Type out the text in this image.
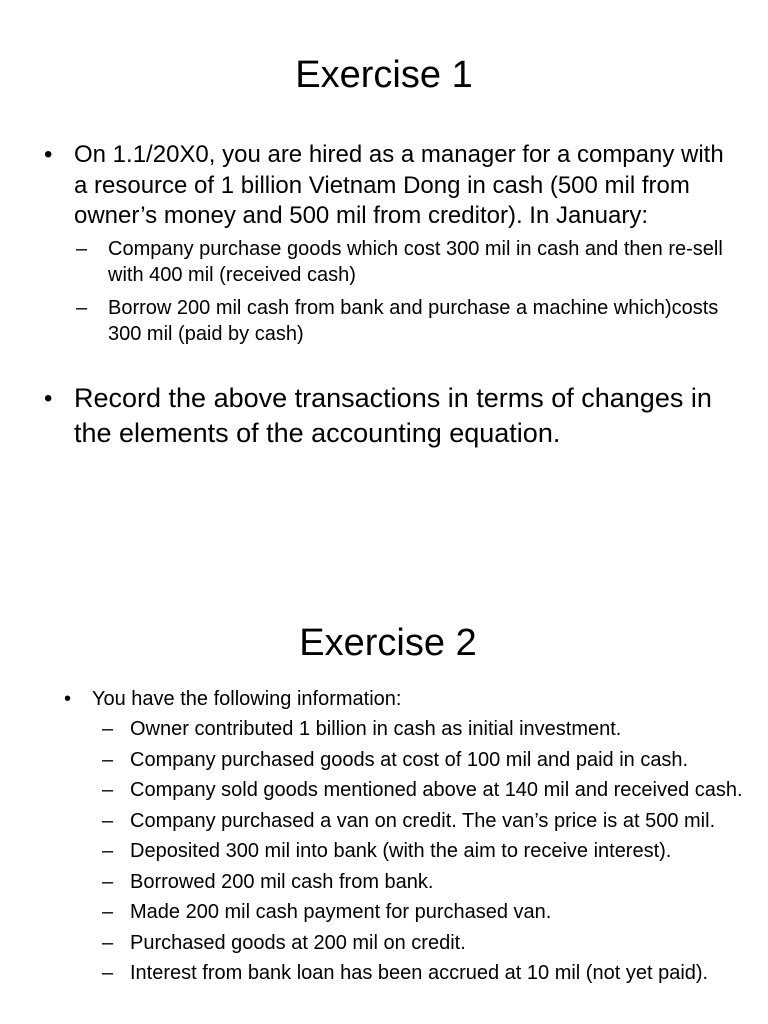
Exercise 1
• On 1.1/20X0, you are hired as a manager for a company with a resource of 1 billion Vietnam Dong in cash (500 mil from owner’s money and 500 mil from creditor). In January:
– Company purchase goods which cost 300 mil in cash and then re-sell with 400 mil (received cash)
– Borrow 200 mil cash from bank and purchase a machine which)costs 300 mil (paid by cash)
• Record the above transactions in terms of changes in the elements of the accounting equation.
Exercise 2
• You have the following information:
– Owner contributed 1 billion in cash as initial investment.
– Company purchased goods at cost of 100 mil and paid in cash.
– Company sold goods mentioned above at 140 mil and received cash.
– Company purchased a van on credit. The van’s price is at 500 mil.
– Deposited 300 mil into bank (with the aim to receive interest).
– Borrowed 200 mil cash from bank.
– Made 200 mil cash payment for purchased van.
– Purchased goods at 200 mil on credit.
– Interest from bank loan has been accrued at 10 mil (not yet paid).
